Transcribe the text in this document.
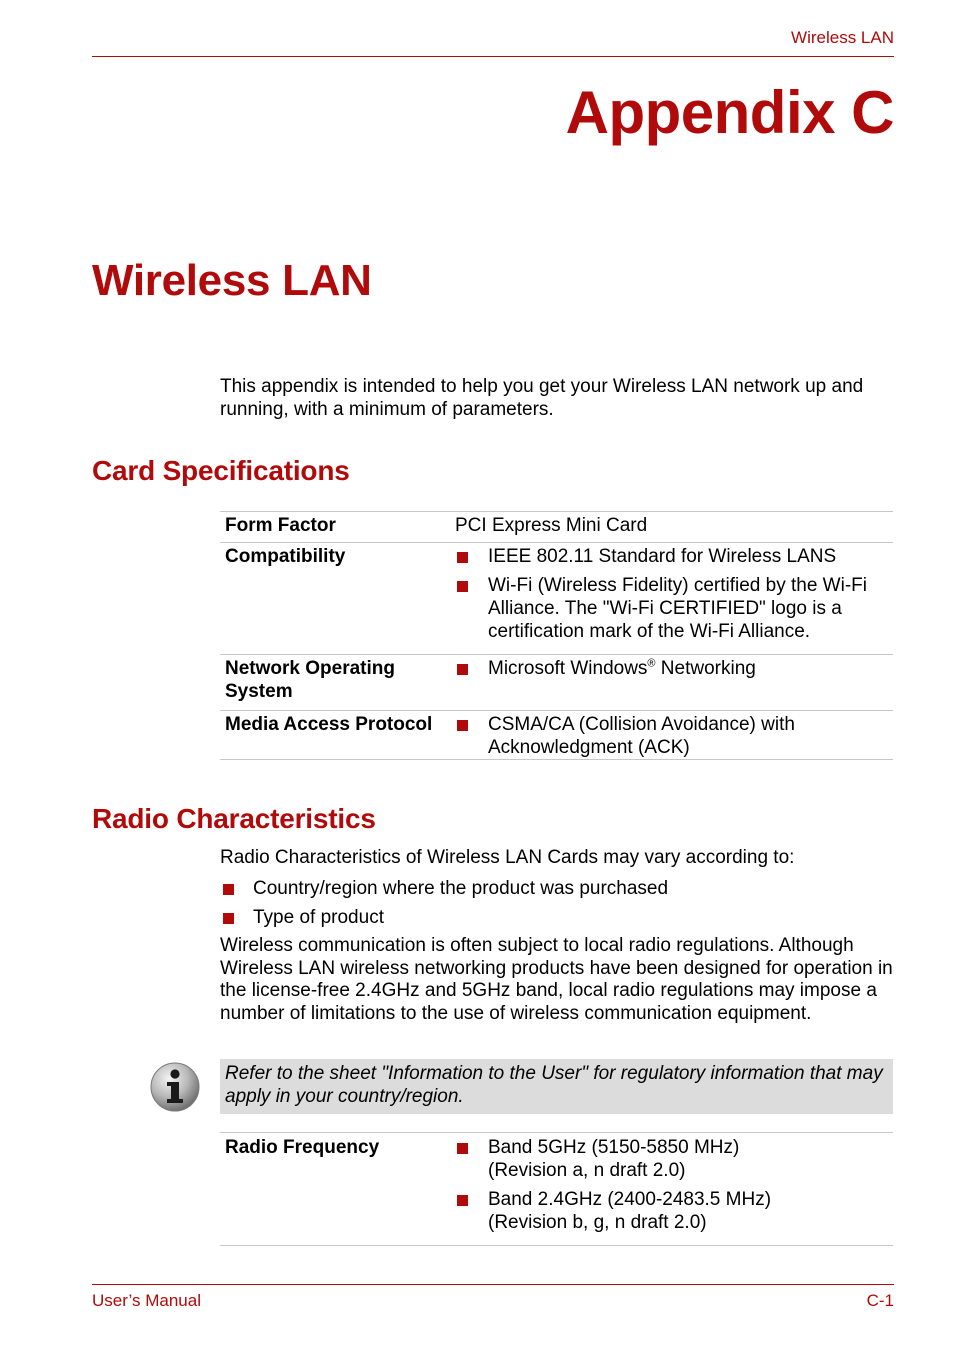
Wireless LAN
Appendix C
Wireless LAN

This appendix is intended to help you get your Wireless LAN network up and running, with a minimum of parameters.

Card Specifications
Form Factor	PCI Express Mini Card
Compatibility	IEEE 802.11 Standard for Wireless LANS

Wi-Fi (Wireless Fidelity) certified by the Wi-Fi Alliance. The "Wi-Fi CERTIFIED" logo is a certification mark of the Wi-Fi Alliance.

Network Operating System	Microsoft Windows® Networking

Media Access Protocol	CSMA/CA (Collision Avoidance) with Acknowledgment (ACK)

Radio Characteristics

Radio Characteristics of Wireless LAN Cards may vary according to:

Country/region where the product was purchased

Type of product

Wireless communication is often subject to local radio regulations. Although Wireless LAN wireless networking products have been designed for operation in the license-free 2.4GHz and 5GHz band, local radio regulations may impose a number of limitations to the use of wireless communication equipment.

Refer to the sheet "Information to the User" for regulatory information that may apply in your country/region.
Radio Frequency	Band 5GHz (5150-5850 MHz)
(Revision a, n draft 2.0)

Band 2.4GHz (2400-2483.5 MHz)
(Revision b, g, n draft 2.0)

User’s Manual	C-1
